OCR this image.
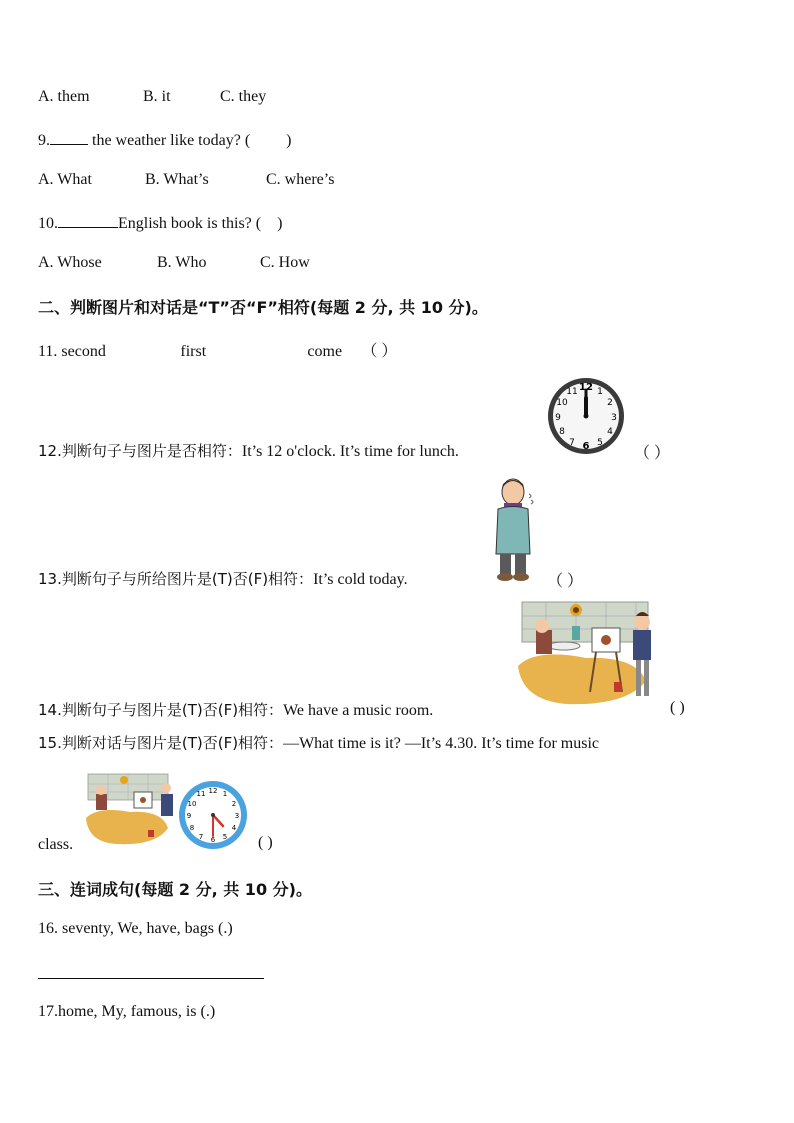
A. them	B. it	C. they
9.	the weather like today? ( )
A. What	B. What’s	C. where’s
10.	English book is this? ( )
A. Whose	B. Who	C. How
二、判断图片和对话是“T”否“F”相符(每题 2 分, 共 10 分)。
11. second	first	come （ ）
12.判断句子与图片是否相符：It’s 12 o'clock. It’s time for lunch.
12 1
2
3
4
5
6
7
8
9
10
11
（ ）
13.判断句子与所给图片是(T)否(F)相符：It’s cold today.	（ ）
14.判断句子与图片是(T)否(F)相符：We have a music room.	( )
15.判断对话与图片是(T)否(F)相符：—What time is it? —It’s 4.30. It’s time for music
12 1
2
3
4
5
6
7
8
9
10
11
class.	( )
三、连词成句(每题 2 分, 共 10 分)。
16. seventy, We, have, bags (.)
17.home, My, famous, is (.)
